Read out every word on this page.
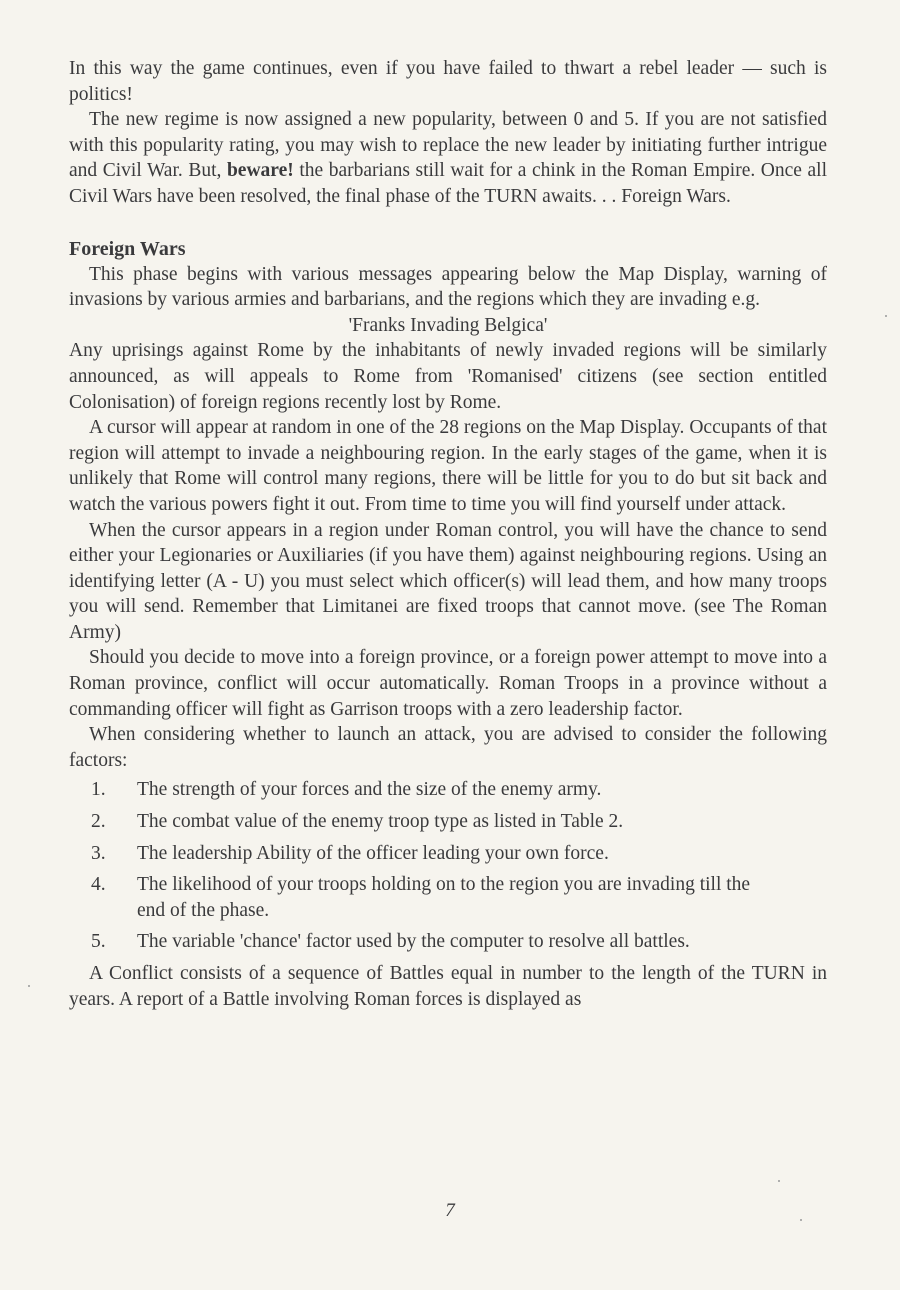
In this way the game continues, even if you have failed to thwart a rebel leader — such is politics!

The new regime is now assigned a new popularity, between 0 and 5. If you are not satisfied with this popularity rating, you may wish to replace the new leader by initiating further intrigue and Civil War. But, beware! the barbarians still wait for a chink in the Roman Empire. Once all Civil Wars have been resolved, the final phase of the TURN awaits. . . Foreign Wars.

Foreign Wars

This phase begins with various messages appearing below the Map Display, warning of invasions by various armies and barbarians, and the regions which they are invading e.g.

'Franks Invading Belgica'

Any uprisings against Rome by the inhabitants of newly invaded regions will be similarly announced, as will appeals to Rome from 'Romanised' citizens (see section entitled Colonisation) of foreign regions recently lost by Rome.

A cursor will appear at random in one of the 28 regions on the Map Display. Occupants of that region will attempt to invade a neighbouring region. In the early stages of the game, when it is unlikely that Rome will control many regions, there will be little for you to do but sit back and watch the various powers fight it out. From time to time you will find yourself under attack.

When the cursor appears in a region under Roman control, you will have the chance to send either your Legionaries or Auxiliaries (if you have them) against neighbouring regions. Using an identifying letter (A - U) you must select which officer(s) will lead them, and how many troops you will send. Remember that Limitanei are fixed troops that cannot move. (see The Roman Army)

Should you decide to move into a foreign province, or a foreign power attempt to move into a Roman province, conflict will occur automatically. Roman Troops in a province without a commanding officer will fight as Garrison troops with a zero leadership factor.

When considering whether to launch an attack, you are advised to consider the following factors:

1.	The strength of your forces and the size of the enemy army.
2.	The combat value of the enemy troop type as listed in Table 2.
3.	The leadership Ability of the officer leading your own force.
4.	The likelihood of your troops holding on to the region you are invading till the end of the phase.
5.	The variable 'chance' factor used by the computer to resolve all battles.

A Conflict consists of a sequence of Battles equal in number to the length of the TURN in years. A report of a Battle involving Roman forces is displayed as

7
